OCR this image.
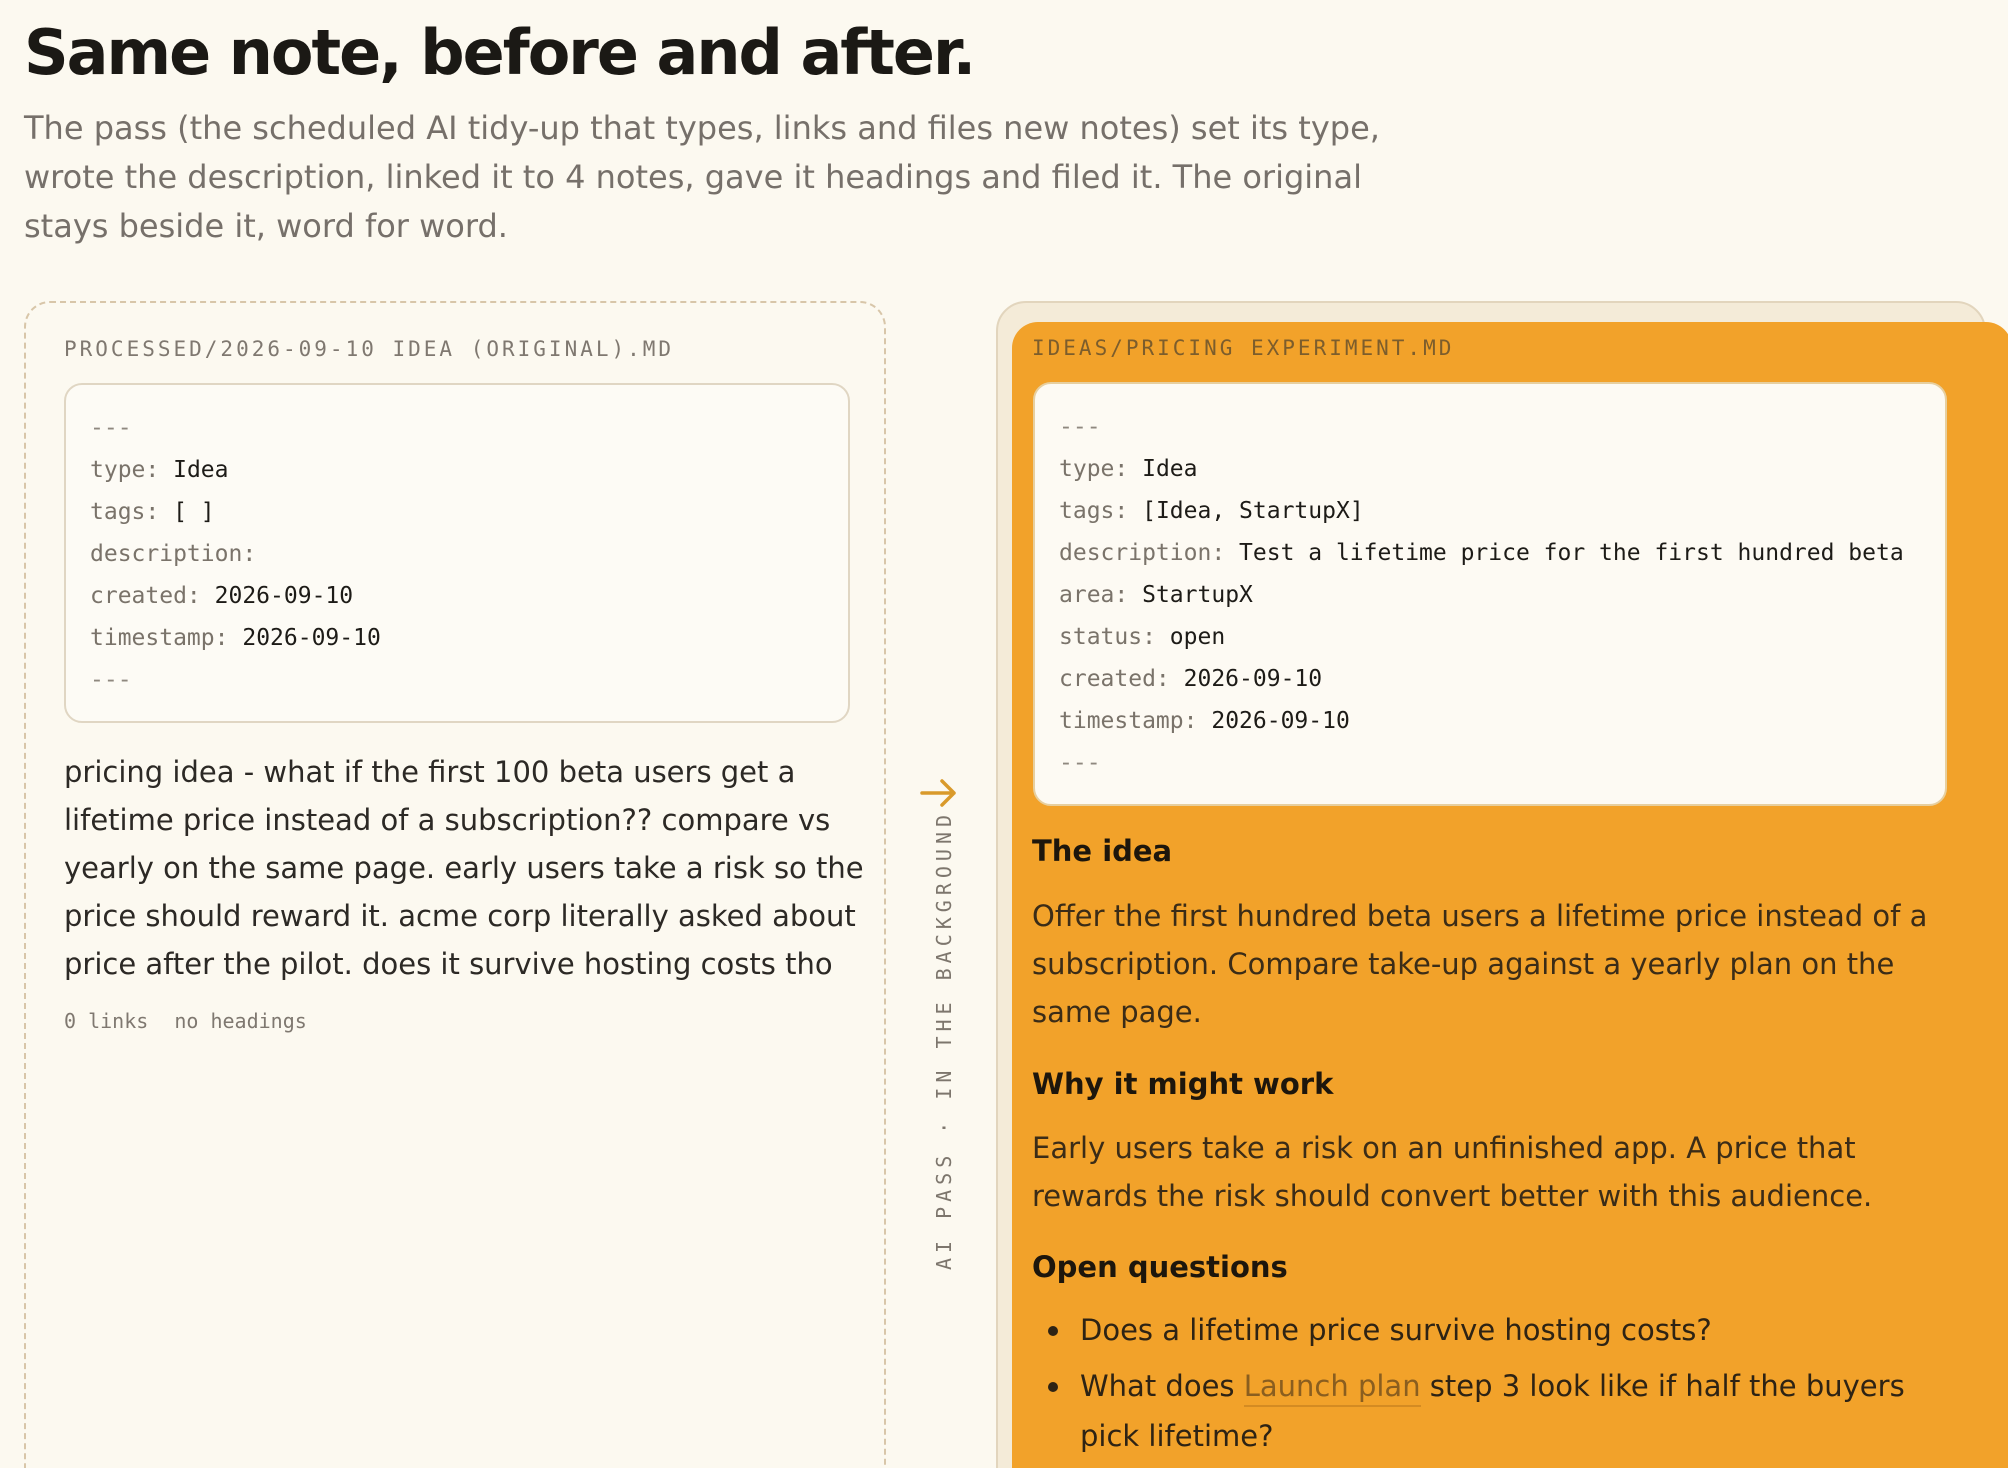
Same note, before and after.

The pass (the scheduled AI tidy-up that types, links and files new notes) set its type, wrote the description, linked it to 4 notes, gave it headings and filed it. The original stays beside it, word for word.

PROCESSED/2026-09-10 IDEA (ORIGINAL).MD
---
type: Idea
tags: [ ]
description:
created: 2026-09-10
timestamp: 2026-09-10
---

pricing idea - what if the first 100 beta users get a lifetime price instead of a subscription?? compare vs yearly on the same page. early users take a risk so the price should reward it. acme corp literally asked about price after the pilot. does it survive hosting costs tho

0 links no headings	AI PASS · IN THE BACKGROUND
IDEAS/PRICING EXPERIMENT.MD
---
type: Idea
tags: [Idea, StartupX]
description: Test a lifetime price for the first hundred beta
area: StartupX
status: open
created: 2026-09-10
timestamp: 2026-09-10
---
The idea

Offer the first hundred beta users a lifetime price instead of a subscription. Compare take-up against a yearly plan on the same page.

Why it might work

Early users take a risk on an unfinished app. A price that rewards the risk should convert better with this audience.

Open questions
Does a lifetime price survive hosting costs?
What does Launch plan step 3 look like if half the buyers pick lifetime?
